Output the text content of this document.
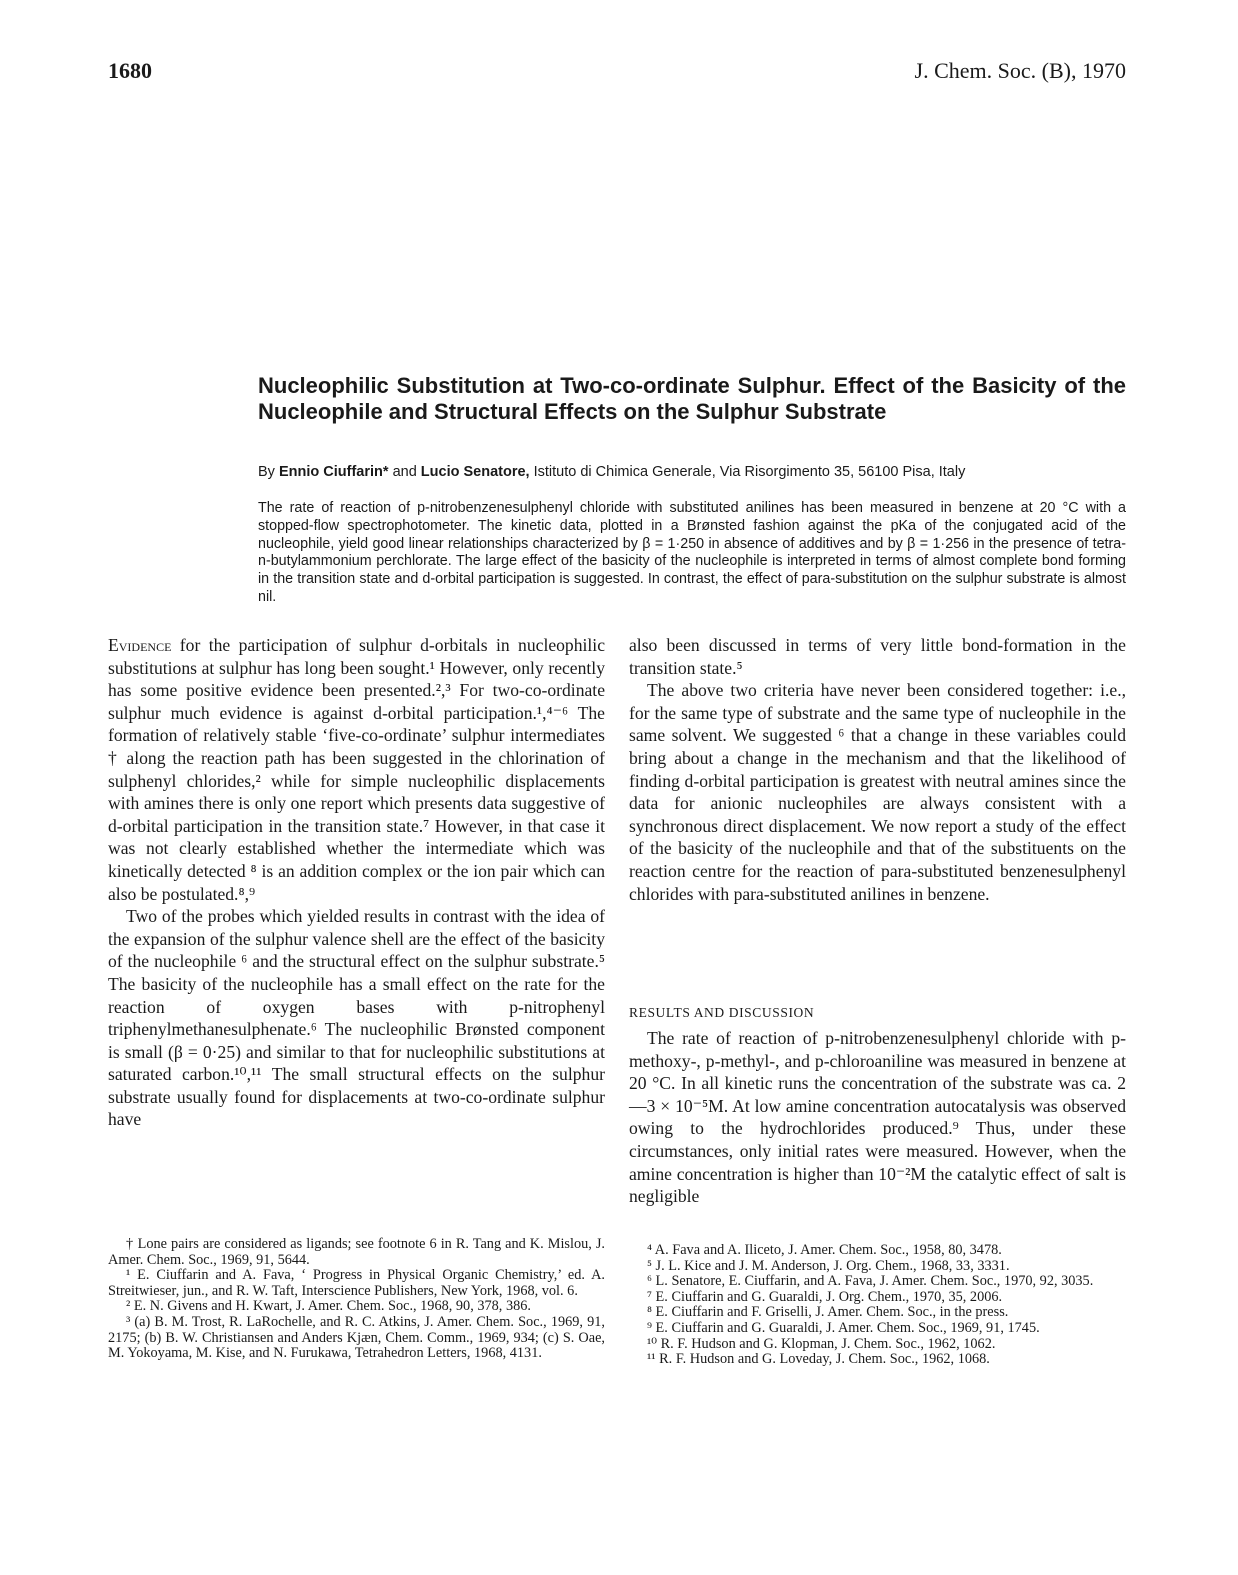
1680	J. Chem. Soc. (B), 1970
Nucleophilic Substitution at Two-co-ordinate Sulphur. Effect of the Basicity of the Nucleophile and Structural Effects on the Sulphur Substrate
By Ennio Ciuffarin* and Lucio Senatore, Istituto di Chimica Generale, Via Risorgimento 35, 56100 Pisa, Italy
The rate of reaction of p-nitrobenzenesulphenyl chloride with substituted anilines has been measured in benzene at 20 °C with a stopped-flow spectrophotometer. The kinetic data, plotted in a Brønsted fashion against the pKa of the conjugated acid of the nucleophile, yield good linear relationships characterized by β = 1·250 in absence of additives and by β = 1·256 in the presence of tetra-n-butylammonium perchlorate. The large effect of the basicity of the nucleophile is interpreted in terms of almost complete bond forming in the transition state and d-orbital participation is suggested. In contrast, the effect of para-substitution on the sulphur substrate is almost nil.

Evidence for the participation of sulphur d-orbitals in nucleophilic substitutions at sulphur has long been sought.¹ However, only recently has some positive evidence been presented.²,³ For two-co-ordinate sulphur much evidence is against d-orbital participation.¹,⁴⁻⁶ The formation of relatively stable ‘five-co-ordinate’ sulphur intermediates † along the reaction path has been suggested in the chlorination of sulphenyl chlorides,² while for simple nucleophilic displacements with amines there is only one report which presents data suggestive of d-orbital participation in the transition state.⁷ However, in that case it was not clearly established whether the intermediate which was kinetically detected ⁸ is an addition complex or the ion pair which can also be postulated.⁸,⁹

Two of the probes which yielded results in contrast with the idea of the expansion of the sulphur valence shell are the effect of the basicity of the nucleophile ⁶ and the structural effect on the sulphur substrate.⁵ The basicity of the nucleophile has a small effect on the rate for the reaction of oxygen bases with p-nitrophenyl triphenylmethanesulphenate.⁶ The nucleophilic Brønsted component is small (β = 0·25) and similar to that for nucleophilic substitutions at saturated carbon.¹⁰,¹¹ The small structural effects on the sulphur substrate usually found for displacements at two-co-ordinate sulphur have

also been discussed in terms of very little bond-formation in the transition state.⁵

The above two criteria have never been considered together: i.e., for the same type of substrate and the same type of nucleophile in the same solvent. We suggested ⁶ that a change in these variables could bring about a change in the mechanism and that the likelihood of finding d-orbital participation is greatest with neutral amines since the data for anionic nucleophiles are always consistent with a synchronous direct displacement. We now report a study of the effect of the basicity of the nucleophile and that of the substituents on the reaction centre for the reaction of para-substituted benzenesulphenyl chlorides with para-substituted anilines in benzene.

RESULTS AND DISCUSSION

The rate of reaction of p-nitrobenzenesulphenyl chloride with p-methoxy-, p-methyl-, and p-chloroaniline was measured in benzene at 20 °C. In all kinetic runs the concentration of the substrate was ca. 2—3 × 10⁻⁵M. At low amine concentration autocatalysis was observed owing to the hydrochlorides produced.⁹ Thus, under these circumstances, only initial rates were measured. However, when the amine concentration is higher than 10⁻²M the catalytic effect of salt is negligible

† Lone pairs are considered as ligands; see footnote 6 in R. Tang and K. Mislou, J. Amer. Chem. Soc., 1969, 91, 5644.

¹ E. Ciuffarin and A. Fava, ‘ Progress in Physical Organic Chemistry,’ ed. A. Streitwieser, jun., and R. W. Taft, Interscience Publishers, New York, 1968, vol. 6.

² E. N. Givens and H. Kwart, J. Amer. Chem. Soc., 1968, 90, 378, 386.

³ (a) B. M. Trost, R. LaRochelle, and R. C. Atkins, J. Amer. Chem. Soc., 1969, 91, 2175; (b) B. W. Christiansen and Anders Kjæn, Chem. Comm., 1969, 934; (c) S. Oae, M. Yokoyama, M. Kise, and N. Furukawa, Tetrahedron Letters, 1968, 4131.

⁴ A. Fava and A. Iliceto, J. Amer. Chem. Soc., 1958, 80, 3478.

⁵ J. L. Kice and J. M. Anderson, J. Org. Chem., 1968, 33, 3331.

⁶ L. Senatore, E. Ciuffarin, and A. Fava, J. Amer. Chem. Soc., 1970, 92, 3035.

⁷ E. Ciuffarin and G. Guaraldi, J. Org. Chem., 1970, 35, 2006.

⁸ E. Ciuffarin and F. Griselli, J. Amer. Chem. Soc., in the press.

⁹ E. Ciuffarin and G. Guaraldi, J. Amer. Chem. Soc., 1969, 91, 1745.

¹⁰ R. F. Hudson and G. Klopman, J. Chem. Soc., 1962, 1062.

¹¹ R. F. Hudson and G. Loveday, J. Chem. Soc., 1962, 1068.
